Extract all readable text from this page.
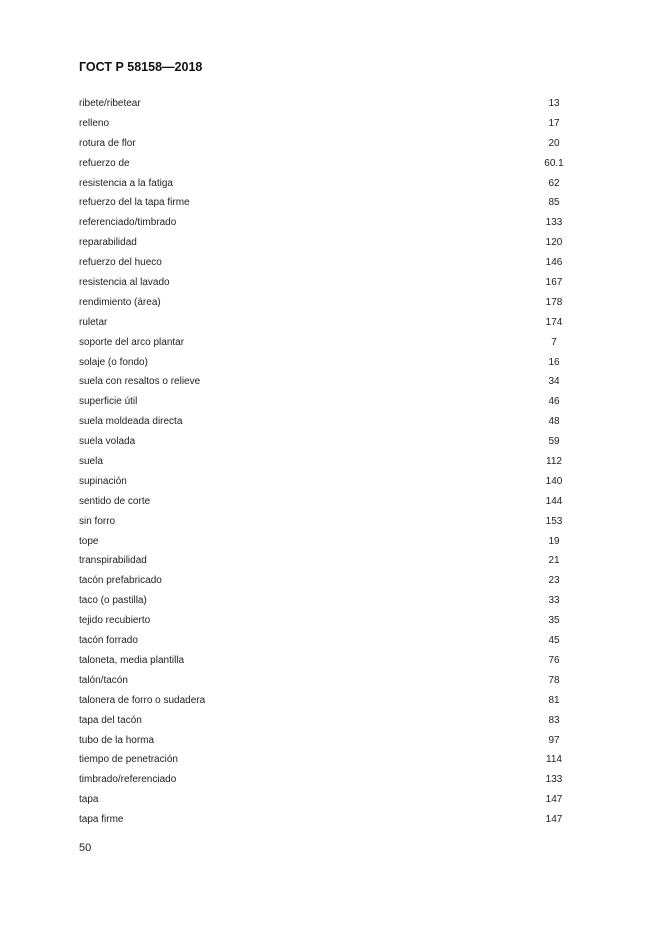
ГОСТ Р 58158—2018
ribete/ribetear	13
relleno	17
rotura de flor	20
refuerzo de	60.1
resistencia a la fatiga	62
refuerzo del la tapa firme	85
referenciado/timbrado	133
reparabilidad	120
refuerzo del hueco	146
resistencia al lavado	167
rendimiento (área)	178
ruletar	174
soporte del arco plantar	7
solaje (o fondo)	16
suela con resaltos o relieve	34
superficie útil	46
suela moldeada directa	48
suela volada	59
suela	112
supinación	140
sentido de corte	144
sin forro	153
tope	19
transpirabilidad	21
tacón prefabricado	23
taco (o pastilla)	33
tejido recubierto	35
tacón forrado	45
taloneta, media plantilla	76
talón/tacón	78
talonera de forro o sudadera	81
tapa del tacón	83
tubo de la horma	97
tiempo de penetración	114
timbrado/referenciado	133
tapa	147
tapa firme	147
50
